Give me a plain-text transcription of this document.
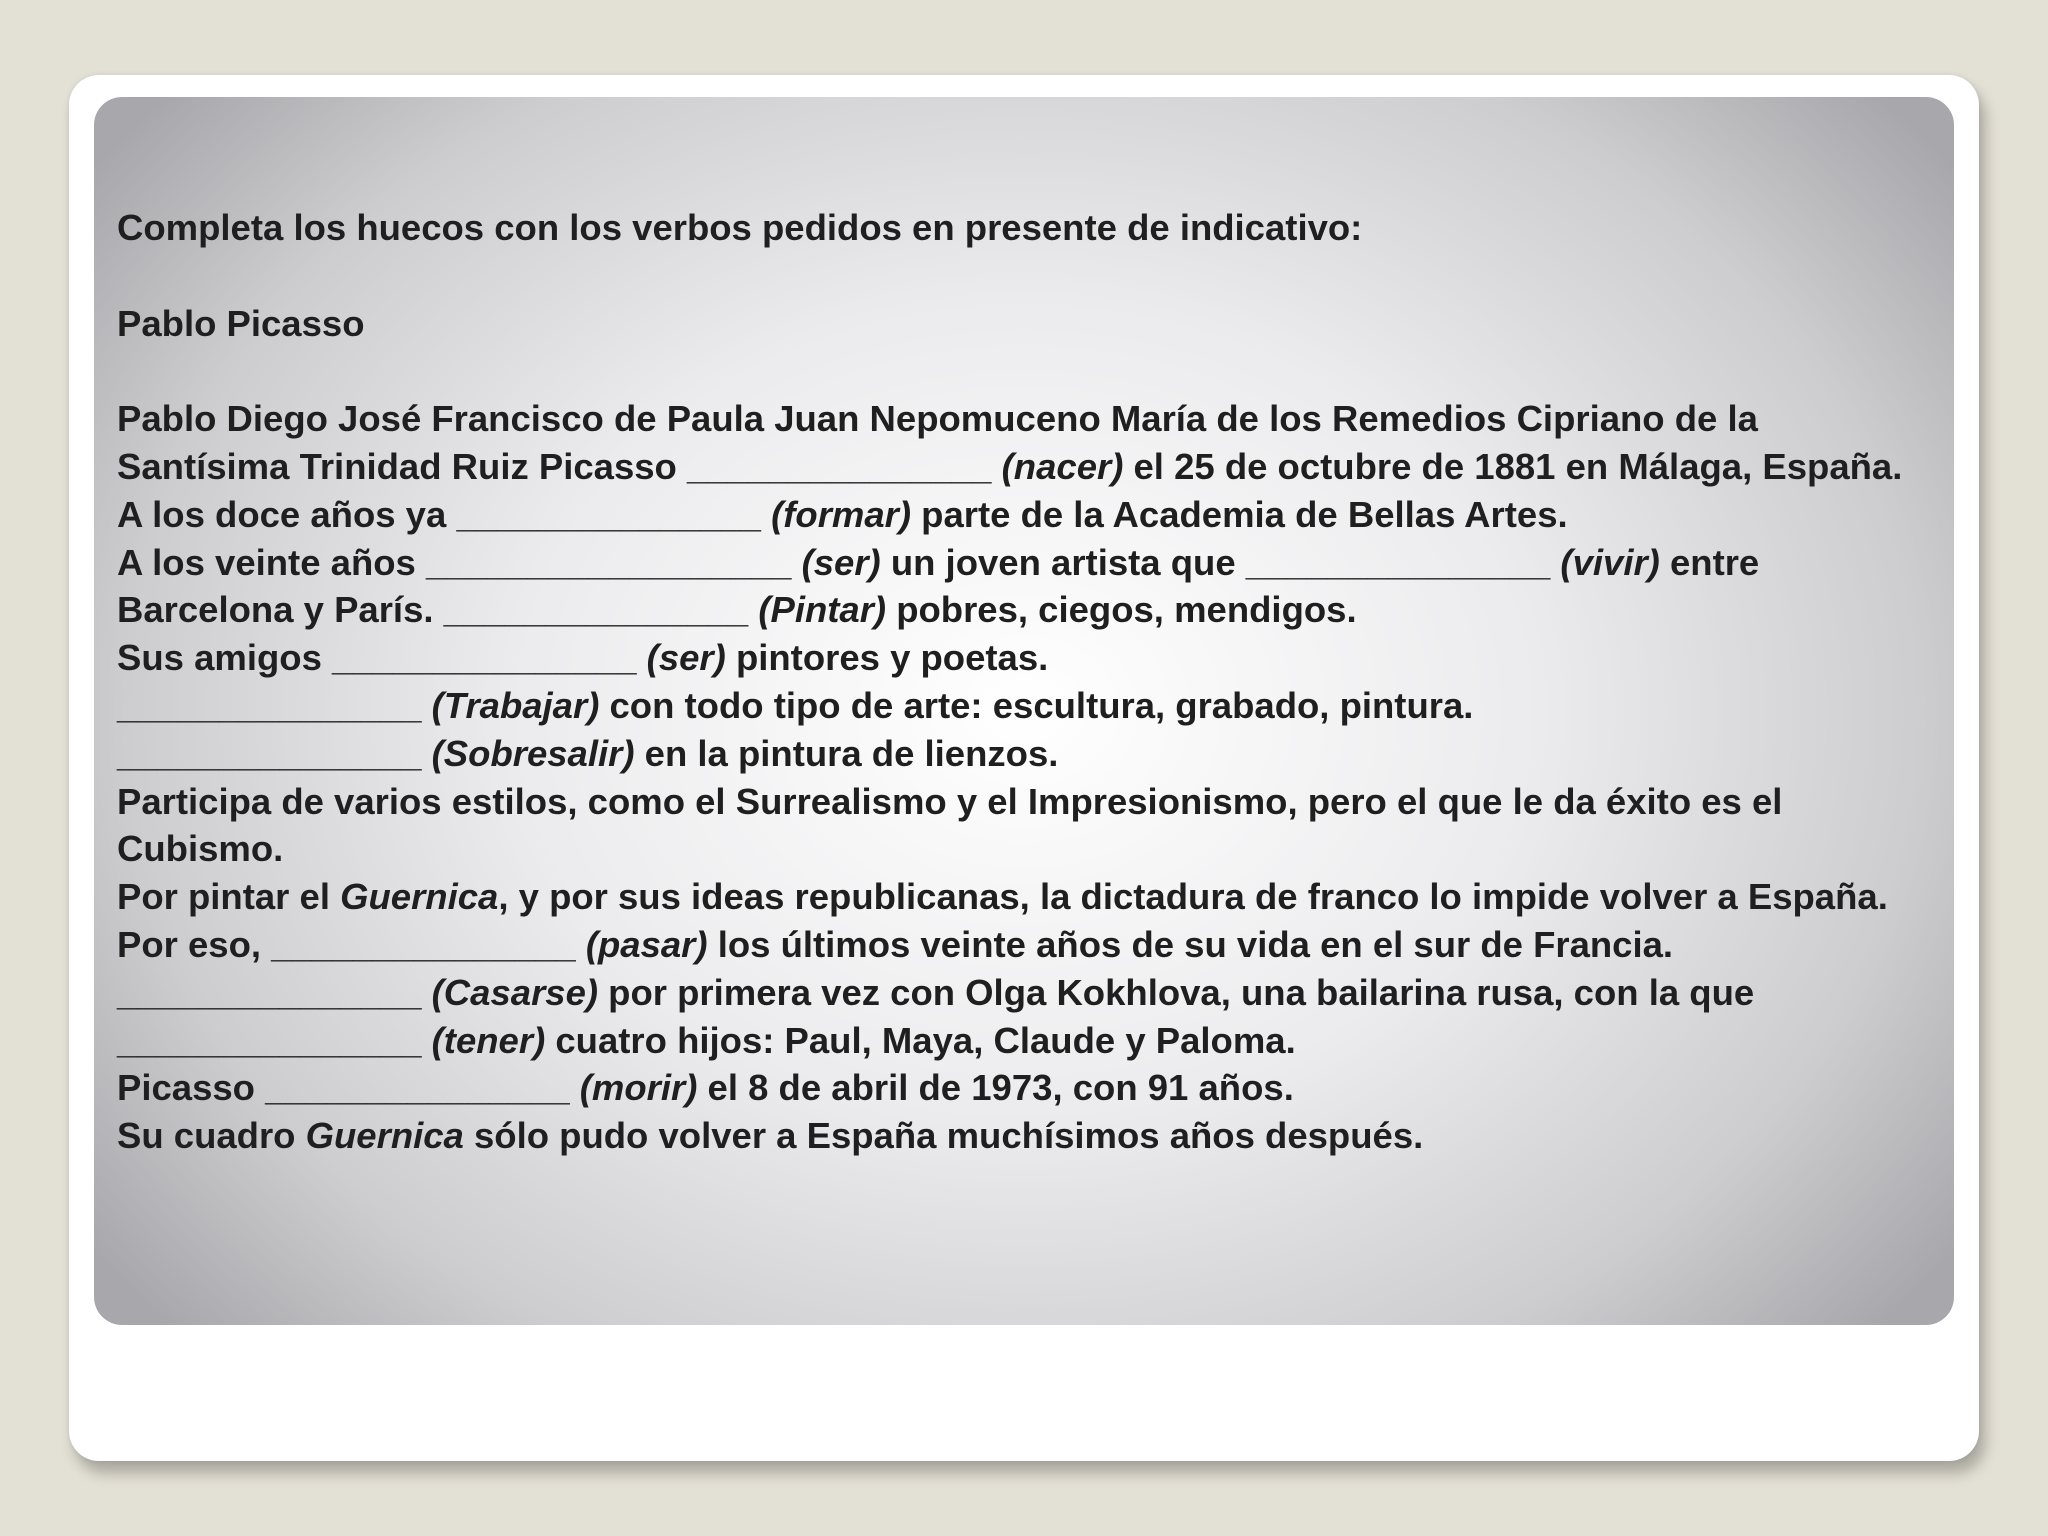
Completa los huecos con los verbos pedidos en presente de indicativo:

Pablo Picasso

Pablo Diego José Francisco de Paula Juan Nepomuceno María de los Remedios Cipriano de la Santísima Trinidad Ruiz Picasso _______________ (nacer) el 25 de octubre de 1881 en Málaga, España.

A los doce años ya _______________ (formar) parte de la Academia de Bellas Artes.

A los veinte años __________________ (ser) un joven artista que _______________ (vivir) entre Barcelona y París. _______________ (Pintar) pobres, ciegos, mendigos.

Sus amigos _______________ (ser) pintores y poetas.

_______________ (Trabajar) con todo tipo de arte: escultura, grabado, pintura.

_______________ (Sobresalir) en la pintura de lienzos.

Participa de varios estilos, como el Surrealismo y el Impresionismo, pero el que le da éxito es el Cubismo.

Por pintar el Guernica, y por sus ideas republicanas, la dictadura de franco lo impide volver a España. Por eso, _______________ (pasar) los últimos veinte años de su vida en el sur de Francia.

_______________ (Casarse) por primera vez con Olga Kokhlova, una bailarina rusa, con la que _______________ (tener) cuatro hijos: Paul, Maya, Claude y Paloma.

Picasso _______________ (morir) el 8 de abril de 1973, con 91 años.

Su cuadro Guernica sólo pudo volver a España muchísimos años después.
